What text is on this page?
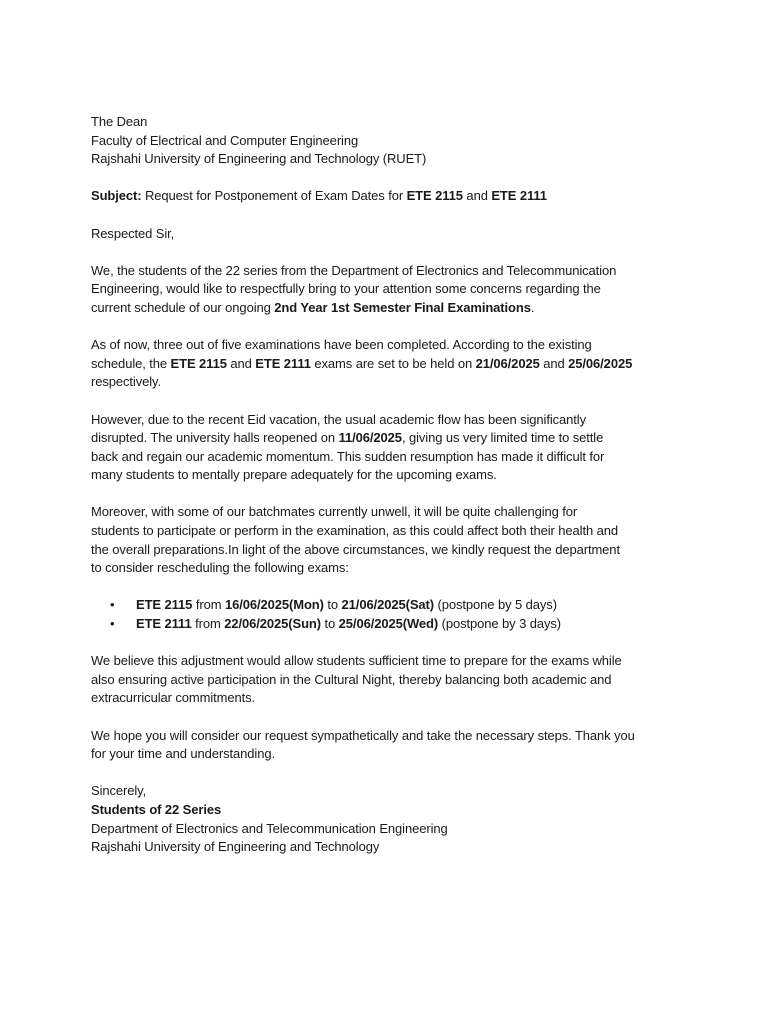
The Dean
Faculty of Electrical and Computer Engineering
Rajshahi University of Engineering and Technology (RUET)

Subject: Request for Postponement of Exam Dates for ETE 2115 and ETE 2111

Respected Sir,

We, the students of the 22 series from the Department of Electronics and Telecommunication
Engineering, would like to respectfully bring to your attention some concerns regarding the
current schedule of our ongoing 2nd Year 1st Semester Final Examinations.
As of now, three out of five examinations have been completed. According to the existing
schedule, the ETE 2115 and ETE 2111 exams are set to be held on 21/06/2025 and 25/06/2025
respectively.
However, due to the recent Eid vacation, the usual academic flow has been significantly
disrupted. The university halls reopened on 11/06/2025, giving us very limited time to settle
back and regain our academic momentum. This sudden resumption has made it difficult for
many students to mentally prepare adequately for the upcoming exams.
Moreover, with some of our batchmates currently unwell, it will be quite challenging for
students to participate or perform in the examination, as this could affect both their health and
the overall preparations.In light of the above circumstances, we kindly request the department
to consider rescheduling the following exams:
• ETE 2115 from 16/06/2025(Mon) to 21/06/2025(Sat) (postpone by 5 days)
• ETE 2111 from 22/06/2025(Sun) to 25/06/2025(Wed) (postpone by 3 days)
We believe this adjustment would allow students sufficient time to prepare for the exams while
also ensuring active participation in the Cultural Night, thereby balancing both academic and
extracurricular commitments.
We hope you will consider our request sympathetically and take the necessary steps. Thank you
for your time and understanding.
Sincerely,
Students of 22 Series
Department of Electronics and Telecommunication Engineering
Rajshahi University of Engineering and Technology
